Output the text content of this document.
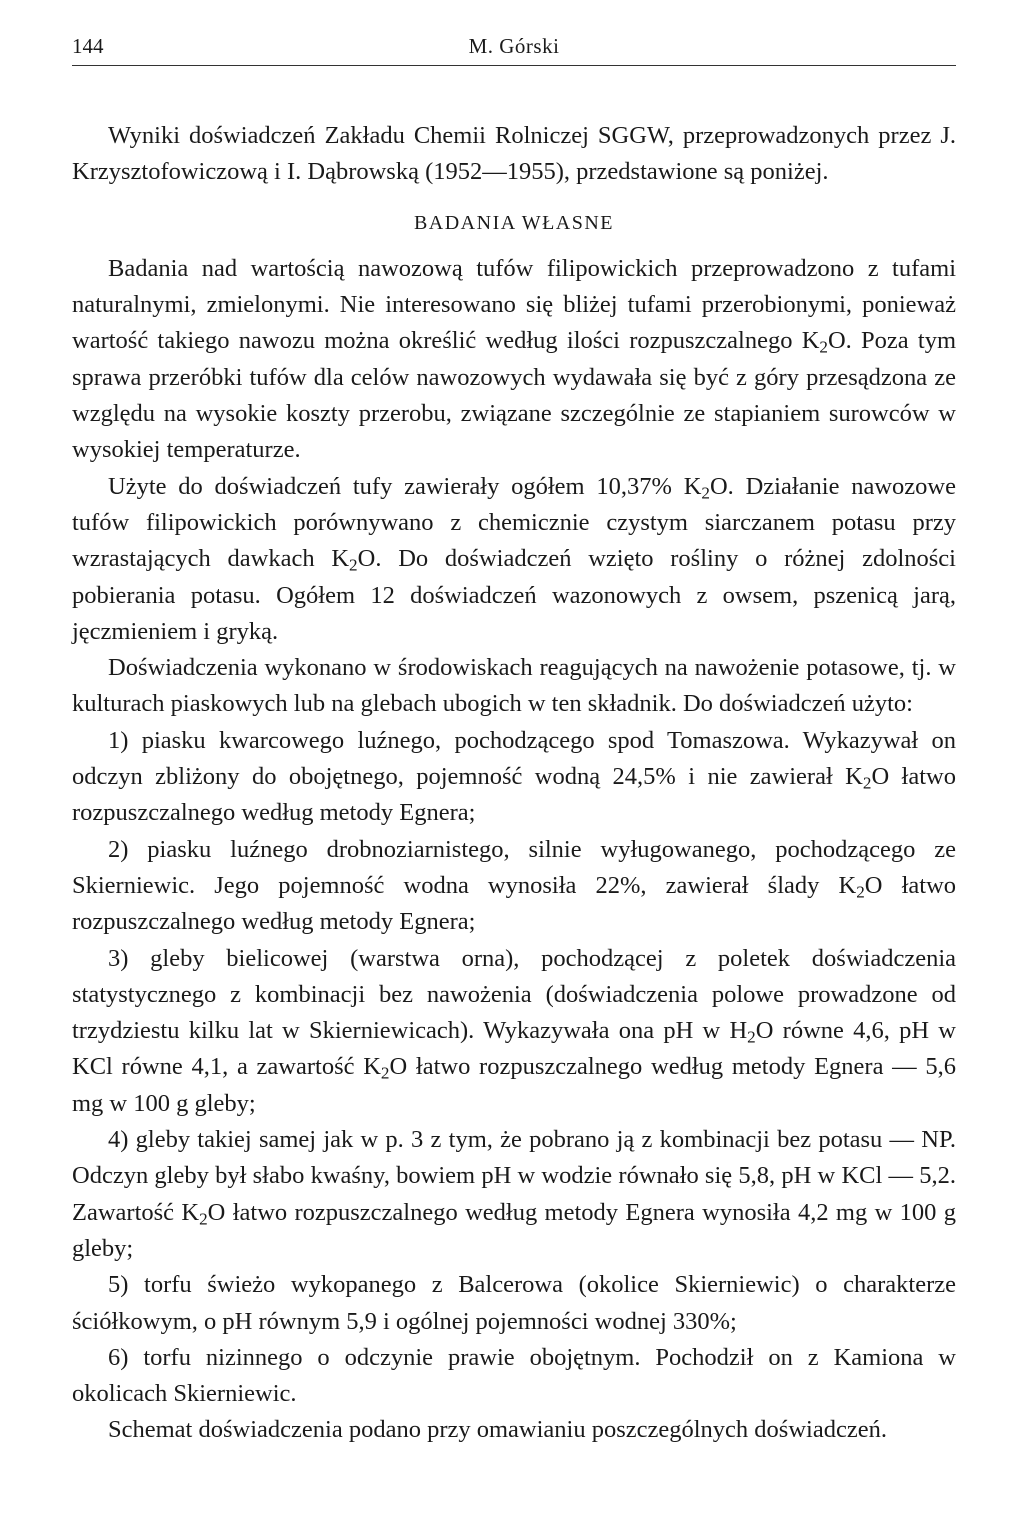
144	M. Górski

Wyniki doświadczeń Zakładu Chemii Rolniczej SGGW, przeprowadzonych przez J. Krzysztofowiczową i I. Dąbrowską (1952—1955), przedstawione są poniżej.

BADANIA WŁASNE

Badania nad wartością nawozową tufów filipowickich przeprowadzono z tufami naturalnymi, zmielonymi. Nie interesowano się bliżej tufami przerobionymi, ponieważ wartość takiego nawozu można określić według ilości rozpuszczalnego $K_2O$. Poza tym sprawa przeróbki tufów dla celów nawozowych wydawała się być z góry przesądzona ze względu na wysokie koszty przerobu, związane szczególnie ze stapianiem surowców w wysokiej temperaturze.

Użyte do doświadczeń tufy zawierały ogółem 10,37% $K_2O$. Działanie nawozowe tufów filipowickich porównywano z chemicznie czystym siarczanem potasu przy wzrastających dawkach $K_2O$. Do doświadczeń wzięto rośliny o różnej zdolności pobierania potasu. Ogółem 12 doświadczeń wazonowych z owsem, pszenicą jarą, jęczmieniem i gryką.

Doświadczenia wykonano w środowiskach reagujących na nawożenie potasowe, tj. w kulturach piaskowych lub na glebach ubogich w ten składnik. Do doświadczeń użyto:

1) piasku kwarcowego luźnego, pochodzącego spod Tomaszowa. Wykazywał on odczyn zbliżony do obojętnego, pojemność wodną 24,5% i nie zawierał $K_2O$ łatwo rozpuszczalnego według metody Egnera;

2) piasku luźnego drobnoziarnistego, silnie wyługowanego, pochodzącego ze Skierniewic. Jego pojemność wodna wynosiła 22%, zawierał ślady $K_2O$ łatwo rozpuszczalnego według metody Egnera;

3) gleby bielicowej (warstwa orna), pochodzącej z poletek doświadczenia statystycznego z kombinacji bez nawożenia (doświadczenia polowe prowadzone od trzydziestu kilku lat w Skierniewicach). Wykazywała ona pH w $H_2O$ równe 4,6, pH w KCl równe 4,1, a zawartość $K_2O$ łatwo rozpuszczalnego według metody Egnera — 5,6 mg w 100 g gleby;

4) gleby takiej samej jak w p. 3 z tym, że pobrano ją z kombinacji bez potasu — NP. Odczyn gleby był słabo kwaśny, bowiem pH w wodzie równało się 5,8, pH w KCl — 5,2. Zawartość $K_2O$ łatwo rozpuszczalnego według metody Egnera wynosiła 4,2 mg w 100 g gleby;

5) torfu świeżo wykopanego z Balcerowa (okolice Skierniewic) o charakterze ściółkowym, o pH równym 5,9 i ogólnej pojemności wodnej 330%;

6) torfu nizinnego o odczynie prawie obojętnym. Pochodził on z Kamiona w okolicach Skierniewic.

Schemat doświadczenia podano przy omawianiu poszczególnych doświadczeń.
